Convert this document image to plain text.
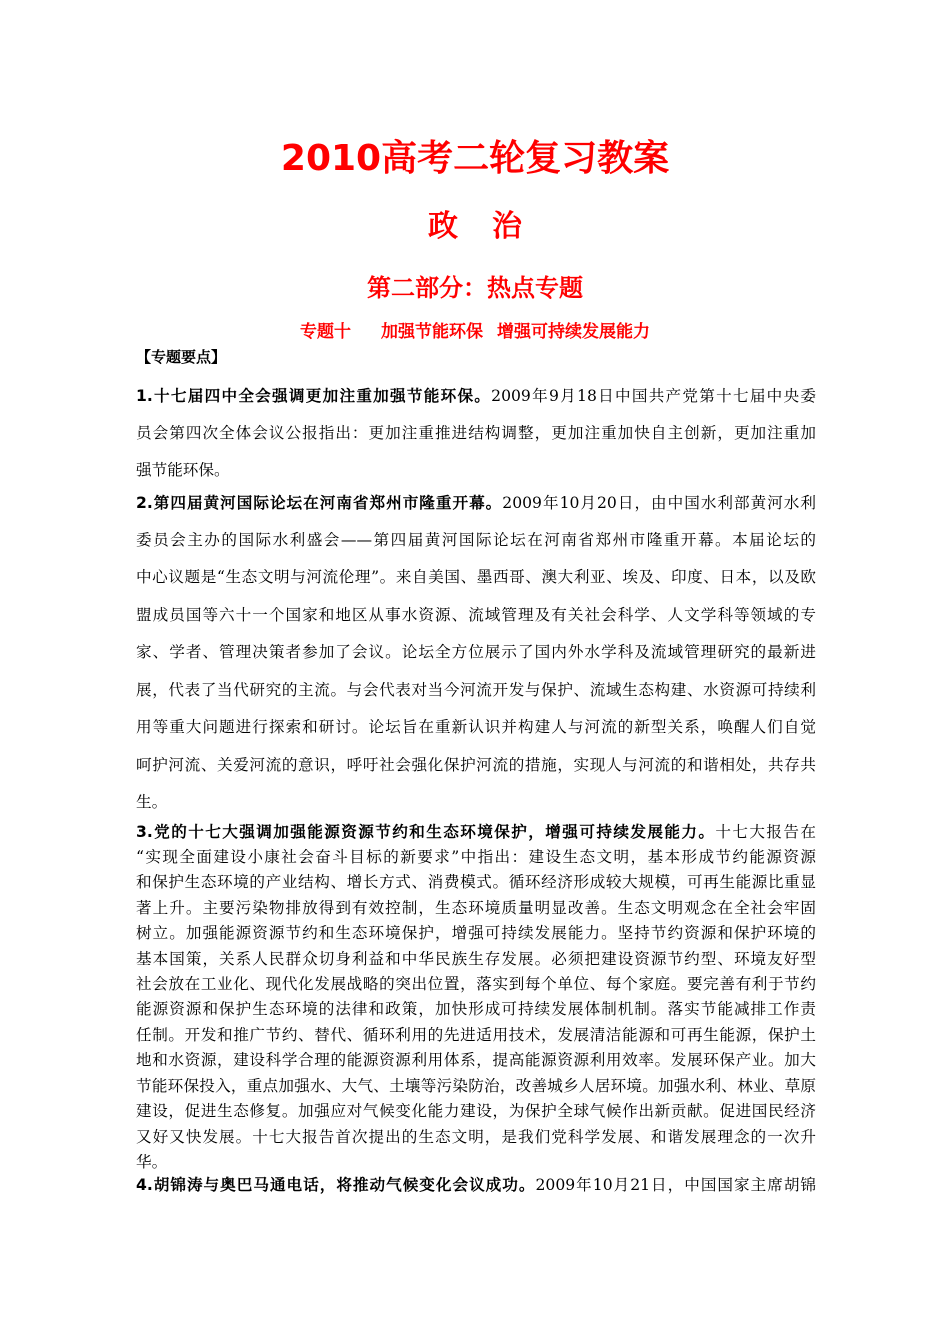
2010高考二轮复习教案
政治
第二部分：热点专题
专题十 加强节能环保 增强可持续发展能力
【专题要点】
1.十七届四中全会强调更加注重加强节能环保。2009年9月18日中国共产党第十七届中央委
员会第四次全体会议公报指出：更加注重推进结构调整，更加注重加快自主创新，更加注重加
强节能环保。
2.第四届黄河国际论坛在河南省郑州市隆重开幕。2009年10月20日，由中国水利部黄河水利
委员会主办的国际水利盛会——第四届黄河国际论坛在河南省郑州市隆重开幕。本届论坛的
中心议题是“生态文明与河流伦理”。来自美国、墨西哥、澳大利亚、埃及、印度、日本，以及欧
盟成员国等六十一个国家和地区从事水资源、流域管理及有关社会科学、人文学科等领域的专
家、学者、管理决策者参加了会议。论坛全方位展示了国内外水学科及流域管理研究的最新进
展，代表了当代研究的主流。与会代表对当今河流开发与保护、流域生态构建、水资源可持续利
用等重大问题进行探索和研讨。论坛旨在重新认识并构建人与河流的新型关系，唤醒人们自觉
呵护河流、关爱河流的意识，呼吁社会强化保护河流的措施，实现人与河流的和谐相处，共存共
生。
3.党的十七大强调加强能源资源节约和生态环境保护，增强可持续发展能力。十七大报告在
“实现全面建设小康社会奋斗目标的新要求”中指出：建设生态文明，基本形成节约能源资源
和保护生态环境的产业结构、增长方式、消费模式。循环经济形成较大规模，可再生能源比重显
著上升。主要污染物排放得到有效控制，生态环境质量明显改善。生态文明观念在全社会牢固
树立。加强能源资源节约和生态环境保护，增强可持续发展能力。坚持节约资源和保护环境的
基本国策，关系人民群众切身利益和中华民族生存发展。必须把建设资源节约型、环境友好型
社会放在工业化、现代化发展战略的突出位置，落实到每个单位、每个家庭。要完善有利于节约
能源资源和保护生态环境的法律和政策，加快形成可持续发展体制机制。落实节能减排工作责
任制。开发和推广节约、替代、循环利用的先进适用技术，发展清洁能源和可再生能源，保护土
地和水资源，建设科学合理的能源资源利用体系，提高能源资源利用效率。发展环保产业。加大
节能环保投入，重点加强水、大气、土壤等污染防治，改善城乡人居环境。加强水利、林业、草原
建设，促进生态修复。加强应对气候变化能力建设，为保护全球气候作出新贡献。促进国民经济
又好又快发展。十七大报告首次提出的生态文明，是我们党科学发展、和谐发展理念的一次升
华。
4.胡锦涛与奥巴马通电话，将推动气候变化会议成功。2009年10月21日，中国国家主席胡锦
